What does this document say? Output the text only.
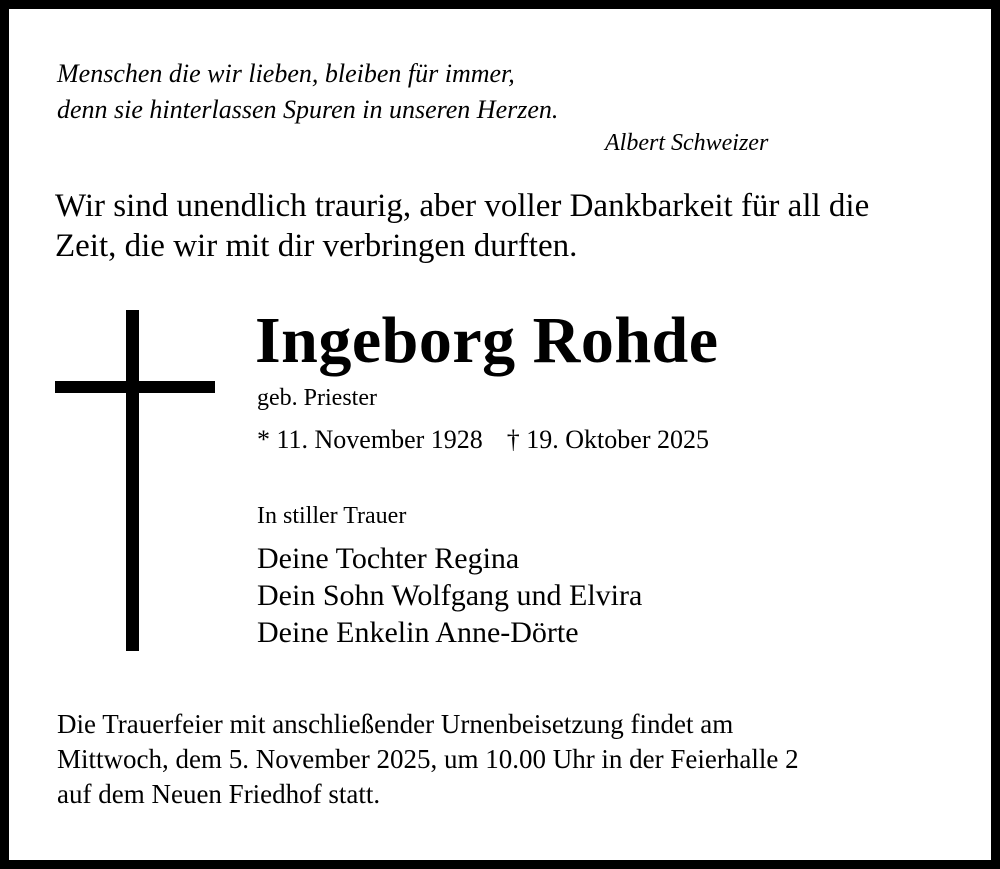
Menschen die wir lieben, bleiben für immer,
denn sie hinterlassen Spuren in unseren Herzen.

Albert Schweizer

Wir sind unendlich traurig, aber voller Dankbarkeit für all die
Zeit, die wir mit dir verbringen durften.

Ingeborg Rohde
geb. Priester
* 11. November 1928 † 19. Oktober 2025
In stiller Trauer
Deine Tochter Regina
Dein Sohn Wolfgang und Elvira
Deine Enkelin Anne-Dörte

Die Trauerfeier mit anschließender Urnenbeisetzung findet am
Mittwoch, dem 5. November 2025, um 10.00 Uhr in der Feierhalle 2
auf dem Neuen Friedhof statt.
